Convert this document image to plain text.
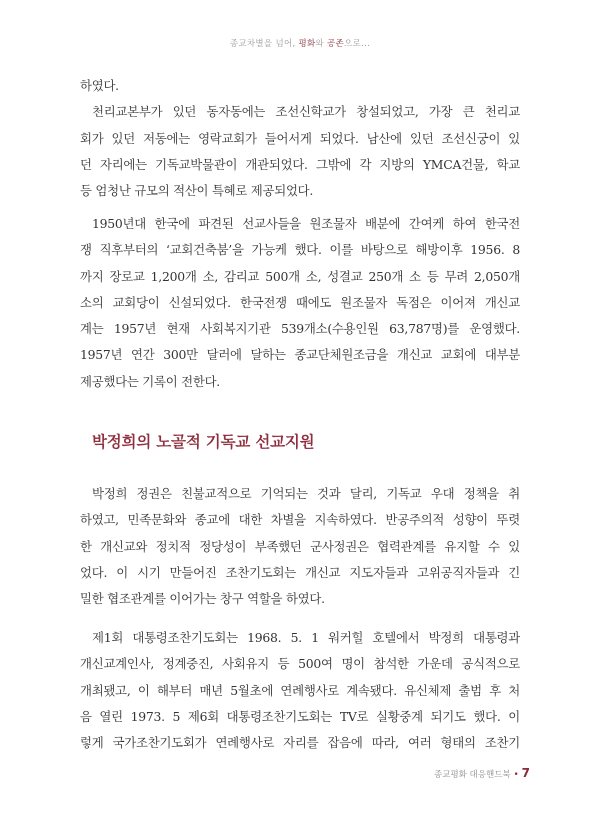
종교차별을 넘어, 평화와 공존으로...
하였다.
천리교본부가 있던 동자동에는 조선신학교가 창설되었고, 가장 큰 천리교
회가 있던 저동에는 영락교회가 들어서게 되었다. 남산에 있던 조선신궁이 있
던 자리에는 기독교박물관이 개관되었다. 그밖에 각 지방의 YMCA건물, 학교
등 엄청난 규모의 적산이 특혜로 제공되었다.
1950년대 한국에 파견된 선교사들을 원조물자 배분에 간여케 하여 한국전
쟁 직후부터의 ‘교회건축붐’을 가능케 했다. 이를 바탕으로 해방이후 1956. 8
까지 장로교 1,200개 소, 감리교 500개 소, 성결교 250개 소 등 무려 2,050개
소의 교회당이 신설되었다. 한국전쟁 때에도 원조물자 독점은 이어져 개신교
계는 1957년 현재 사회복지기관 539개소(수용인원 63,787명)를 운영했다.
1957년 연간 300만 달러에 달하는 종교단체원조금을 개신교 교회에 대부분
제공했다는 기록이 전한다.
박정희의 노골적 기독교 선교지원
박정희 정권은 친불교적으로 기억되는 것과 달리, 기독교 우대 정책을 취
하였고, 민족문화와 종교에 대한 차별을 지속하였다. 반공주의적 성향이 뚜렷
한 개신교와 정치적 정당성이 부족했던 군사정권은 협력관계를 유지할 수 있
었다. 이 시기 만들어진 조찬기도회는 개신교 지도자들과 고위공직자들과 긴
밀한 협조관계를 이어가는 창구 역할을 하였다.
제1회 대통령조찬기도회는 1968. 5. 1 워커힐 호텔에서 박정희 대통령과
개신교계인사, 정계중진, 사회유지 등 500여 명이 참석한 가운데 공식적으로
개최됐고, 이 해부터 매년 5월초에 연례행사로 계속됐다. 유신체제 출범 후 처
음 열린 1973. 5 제6회 대통령조찬기도회는 TV로 실황중계 되기도 했다. 이
렇게 국가조찬기도회가 연례행사로 자리를 잡음에 따라, 여러 형태의 조찬기
종교평화 대응핸드북 • 7
